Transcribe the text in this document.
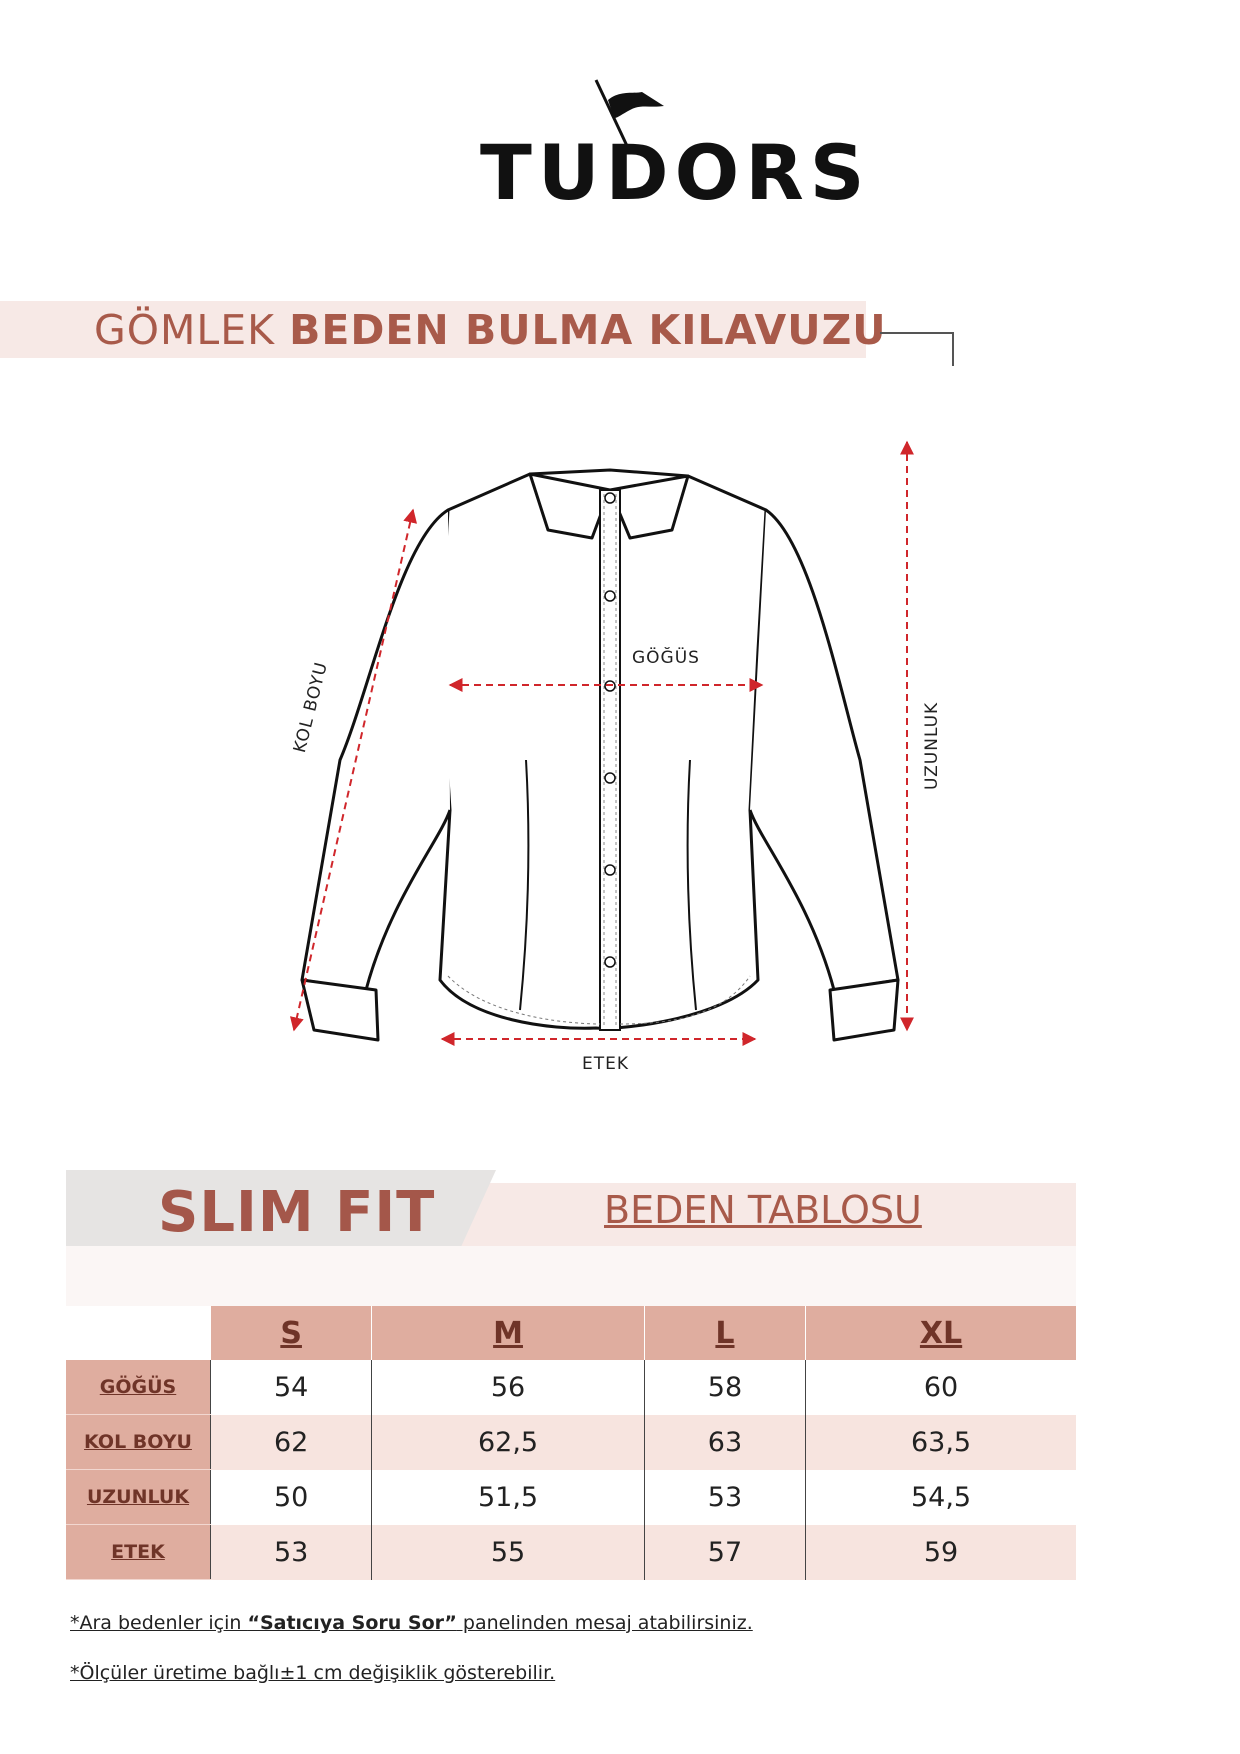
TUDORS
GÖMLEK BEDEN BULMA KILAVUZU
GÖĞÜS
KOL BOYU	UZUNLUK
ETEK
SLIM FIT	BEDEN TABLOSU
	S	M	L	XL
GÖĞÜS	54	56	58	60
KOL BOYU	62	62,5	63	63,5
UZUNLUK	50	51,5	53	54,5
ETEK	53	55	57	59
*Ara bedenler için “Satıcıya Soru Sor” panelinden mesaj atabilirsiniz.
*Ölçüler üretime bağlı±1 cm değişiklik gösterebilir.
